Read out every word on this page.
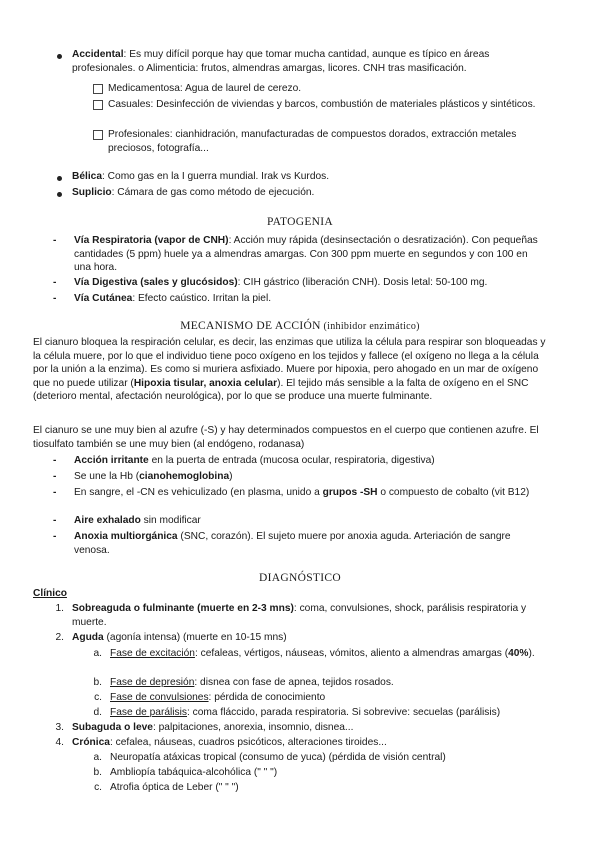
Accidental: Es muy difícil porque hay que tomar mucha cantidad, aunque es típico en áreas profesionales. o Alimenticia: frutos, almendras amargas, licores. CNH tras masificación.
Medicamentosa: Agua de laurel de cerezo.
Casuales: Desinfección de viviendas y barcos, combustión de materiales plásticos y sintéticos.
Profesionales: cianhidración, manufacturadas de compuestos dorados, extracción metales preciosos, fotografía...
Bélica: Como gas en la I guerra mundial. Irak vs Kurdos.
Suplicio: Cámara de gas como método de ejecución.
PATOGENIA
- Vía Respiratoria (vapor de CNH): Acción muy rápida (desinsectación o desratización). Con pequeñas cantidades (5 ppm) huele ya a almendras amargas. Con 300 ppm muerte en segundos y con 100 en una hora.
- Vía Digestiva (sales y glucósidos): CIH gástrico (liberación CNH). Dosis letal: 50-100 mg.
- Vía Cutánea: Efecto caústico. Irritan la piel.
MECANISMO DE ACCIÓN (inhibidor enzimático)
El cianuro bloquea la respiración celular, es decir, las enzimas que utiliza la célula para respirar son bloqueadas y la célula muere, por lo que el individuo tiene poco oxígeno en los tejidos y fallece (el oxígeno no llega a la célula por la unión a la enzima). Es como si muriera asfixiado. Muere por hipoxia, pero ahogado en un mar de oxígeno que no puede utilizar (Hipoxia tisular, anoxia celular). El tejido más sensible a la falta de oxígeno en el SNC (deterioro mental, afectación neurológica), por lo que se produce una muerte fulminante.
El cianuro se une muy bien al azufre (-S) y hay determinados compuestos en el cuerpo que contienen azufre. El tiosulfato también se une muy bien (al endógeno, rodanasa)
- Acción irritante en la puerta de entrada (mucosa ocular, respiratoria, digestiva)
- Se une la Hb (cianohemoglobina)
- En sangre, el -CN es vehiculizado (en plasma, unido a grupos -SH o compuesto de cobalto (vit B12)
- Aire exhalado sin modificar
- Anoxia multiorgánica (SNC, corazón). El sujeto muere por anoxia aguda. Arteriación de sangre venosa.
DIAGNÓSTICO
Clínico
1. Sobreaguda o fulminante (muerte en 2-3 mns): coma, convulsiones, shock, parálisis respiratoria y muerte.
2. Aguda (agonía intensa) (muerte en 10-15 mns)
a. Fase de excitación: cefaleas, vértigos, náuseas, vómitos, aliento a almendras amargas (40%).
b. Fase de depresión: disnea con fase de apnea, tejidos rosados.
c. Fase de convulsiones: pérdida de conocimiento
d. Fase de parálisis: coma fláccido, parada respiratoria. Si sobrevive: secuelas (parálisis)
3. Subaguda o leve: palpitaciones, anorexia, insomnio, disnea...
4. Crónica: cefalea, náuseas, cuadros psicóticos, alteraciones tiroides...
a. Neuropatía atáxicas tropical (consumo de yuca) (pérdida de visión central)
b. Ambliopía tabáquica-alcohólica (" " ")
c. Atrofia óptica de Leber (" " ")
